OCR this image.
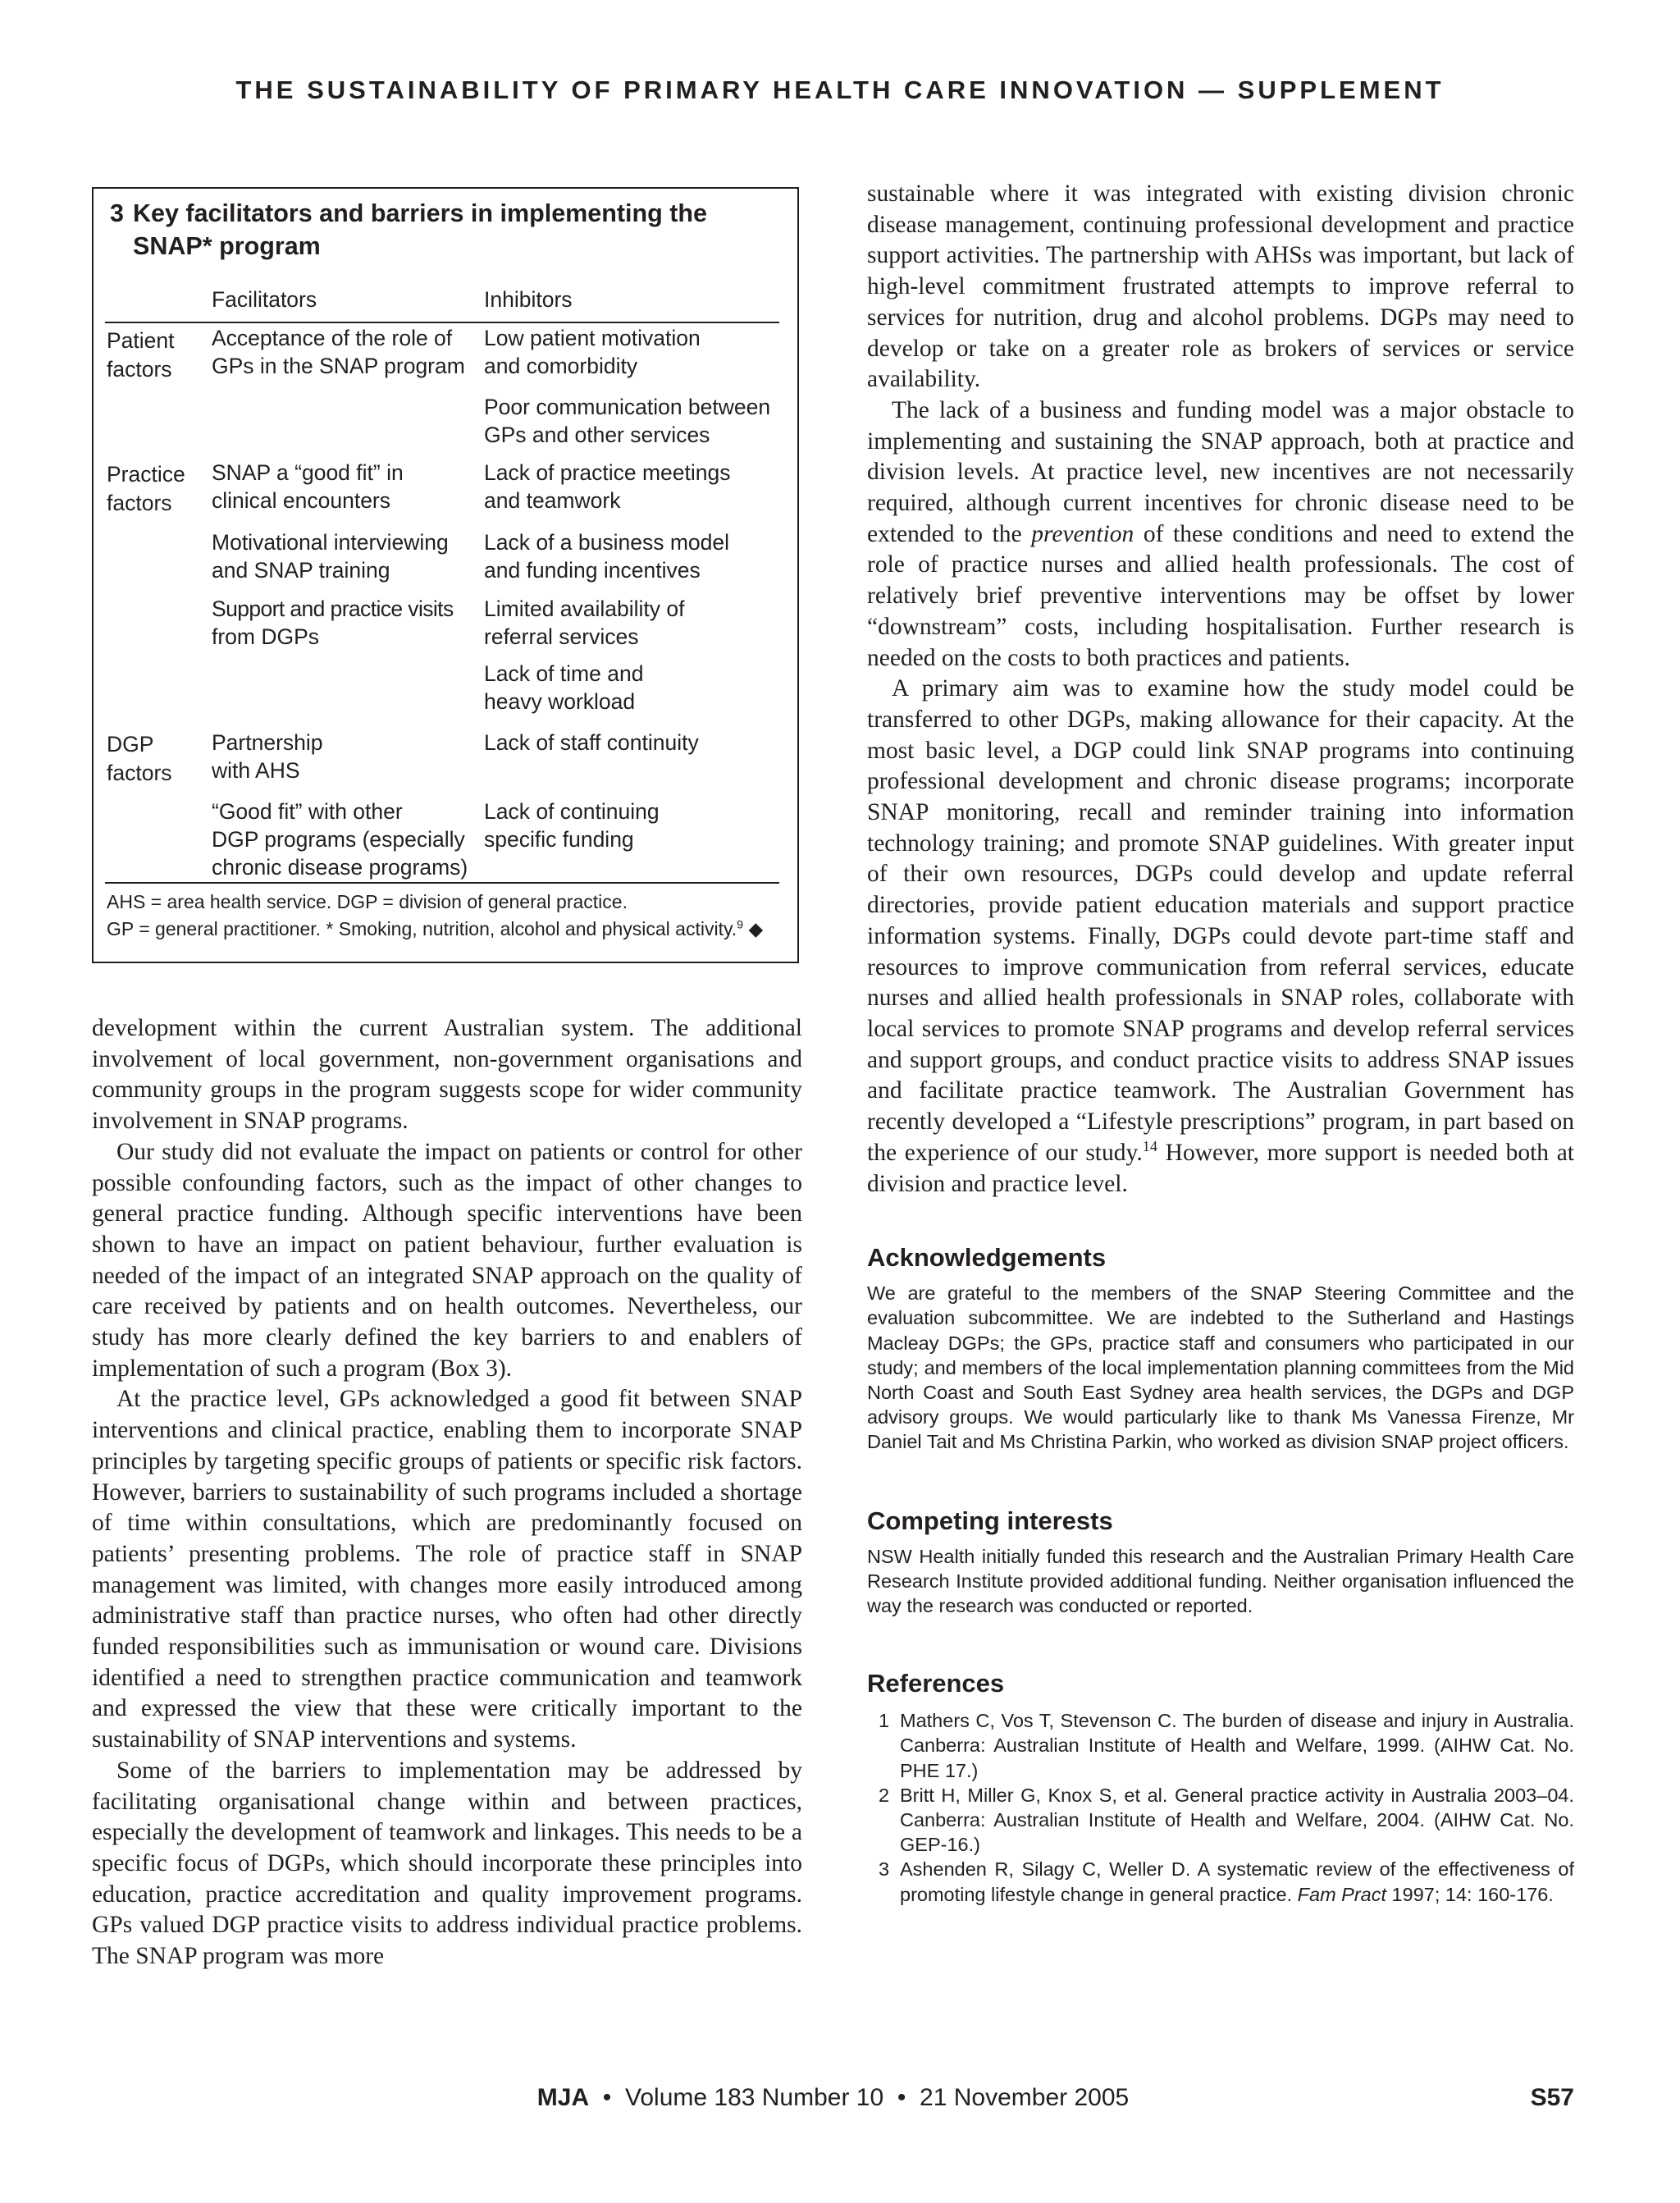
THE SUSTAINABILITY OF PRIMARY HEALTH CARE INNOVATION — SUPPLEMENT
3 Key facilitators and barriers in implementing the
SNAP* program
Facilitators	Inhibitors
Patient
factors
Acceptance of the role of
GPs in the SNAP program
Low patient motivation
and comorbidity
Poor communication between
GPs and other services
Practice
factors
SNAP a “good fit” in
clinical encounters
Lack of practice meetings
and teamwork
Motivational interviewing
and SNAP training
Lack of a business model
and funding incentives
Support and practice visits
from DGPs
Limited availability of
referral services
Lack of time and
heavy workload
DGP
factors
Partnership
with AHS
Lack of staff continuity
“Good fit” with other
DGP programs (especially
chronic disease programs)
Lack of continuing
specific funding
AHS = area health service. DGP = division of general practice.
GP = general practitioner. * Smoking, nutrition, alcohol and physical activity.$^9$ ◆

development within the current Australian system. The additional involvement of local government, non-government organisations and community groups in the program suggests scope for wider community involvement in SNAP programs.

Our study did not evaluate the impact on patients or control for other possible confounding factors, such as the impact of other changes to general practice funding. Although specific interventions have been shown to have an impact on patient behaviour, further evaluation is needed of the impact of an integrated SNAP approach on the quality of care received by patients and on health outcomes. Nevertheless, our study has more clearly defined the key barriers to and enablers of implementation of such a program (Box 3).

At the practice level, GPs acknowledged a good fit between SNAP interventions and clinical practice, enabling them to incorporate SNAP principles by targeting specific groups of patients or specific risk factors. However, barriers to sustainability of such programs included a shortage of time within consultations, which are predominantly focused on patients’ presenting problems. The role of practice staff in SNAP management was limited, with changes more easily introduced among administrative staff than practice nurses, who often had other directly funded responsibilities such as immunisation or wound care. Divisions identified a need to strengthen practice communication and teamwork and expressed the view that these were critically important to the sustainability of SNAP interventions and systems.

Some of the barriers to implementation may be addressed by facilitating organisational change within and between practices, especially the development of teamwork and linkages. This needs to be a specific focus of DGPs, which should incorporate these principles into education, practice accreditation and quality improvement programs. GPs valued DGP practice visits to address individual practice problems. The SNAP program was more

sustainable where it was integrated with existing division chronic disease management, continuing professional development and practice support activities. The partnership with AHSs was important, but lack of high-level commitment frustrated attempts to improve referral to services for nutrition, drug and alcohol problems. DGPs may need to develop or take on a greater role as brokers of services or service availability.

The lack of a business and funding model was a major obstacle to implementing and sustaining the SNAP approach, both at practice and division levels. At practice level, new incentives are not necessarily required, although current incentives for chronic disease need to be extended to the prevention of these conditions and need to extend the role of practice nurses and allied health professionals. The cost of relatively brief preventive interventions may be offset by lower “downstream” costs, including hospitalisation. Further research is needed on the costs to both practices and patients.

A primary aim was to examine how the study model could be transferred to other DGPs, making allowance for their capacity. At the most basic level, a DGP could link SNAP programs into continuing professional development and chronic disease programs; incorporate SNAP monitoring, recall and reminder training into information technology training; and promote SNAP guidelines. With greater input of their own resources, DGPs could develop and update referral directories, provide patient education materials and support practice information systems. Finally, DGPs could devote part-time staff and resources to improve communication from referral services, educate nurses and allied health professionals in SNAP roles, collaborate with local services to promote SNAP programs and develop referral services and support groups, and conduct practice visits to address SNAP issues and facilitate practice teamwork. The Australian Government has recently developed a “Lifestyle prescriptions” program, in part based on the experience of our study.$^{14}$ However, more support is needed both at division and practice level.

Acknowledgements

We are grateful to the members of the SNAP Steering Committee and the evaluation subcommittee. We are indebted to the Sutherland and Hastings Macleay DGPs; the GPs, practice staff and consumers who participated in our study; and members of the local implementation planning committees from the Mid North Coast and South East Sydney area health services, the DGPs and DGP advisory groups. We would particularly like to thank Ms Vanessa Firenze, Mr Daniel Tait and Ms Christina Parkin, who worked as division SNAP project officers.

Competing interests

NSW Health initially funded this research and the Australian Primary Health Care Research Institute provided additional funding. Neither organisation influenced the way the research was conducted or reported.

References
1 Mathers C, Vos T, Stevenson C. The burden of disease and injury in Australia. Canberra: Australian Institute of Health and Welfare, 1999. (AIHW Cat. No. PHE 17.)
2 Britt H, Miller G, Knox S, et al. General practice activity in Australia 2003–04. Canberra: Australian Institute of Health and Welfare, 2004. (AIHW Cat. No. GEP-16.)
3 Ashenden R, Silagy C, Weller D. A systematic review of the effectiveness of promoting lifestyle change in general practice. Fam Pract 1997; 14: 160-176.
MJA • Volume 183 Number 10 • 21 November 2005	S57
